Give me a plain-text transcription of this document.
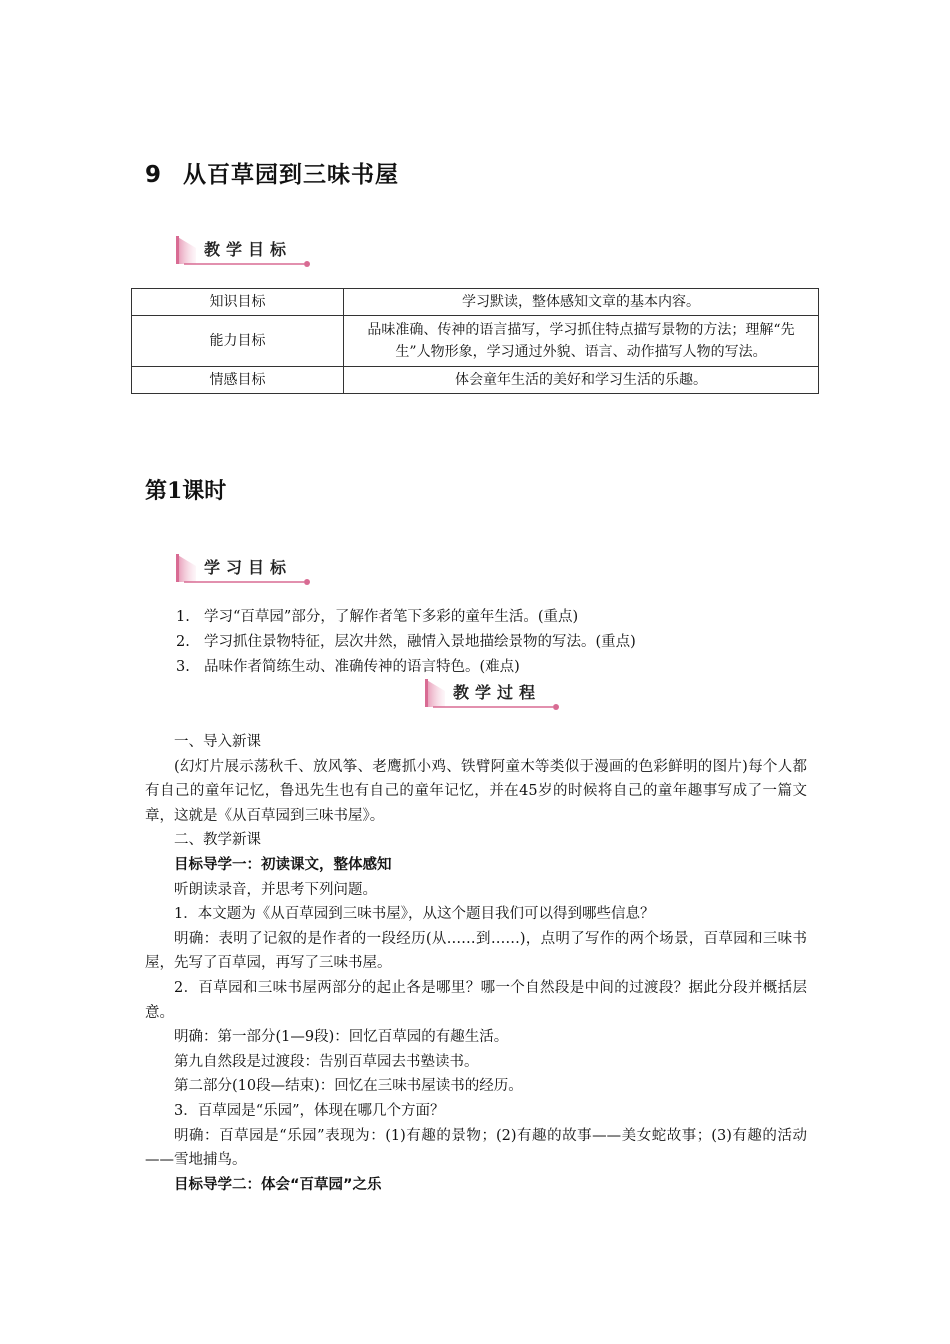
9 从百草园到三味书屋
教学目标
知识目标	学习默读，整体感知文章的基本内容。
能力目标	品味准确、传神的语言描写，学习抓住特点描写景物的方法；理解“先生”人物形象，学习通过外貌、语言、动作描写人物的写法。
情感目标	体会童年生活的美好和学习生活的乐趣。
第1课时
学习目标
1. 学习“百草园”部分，了解作者笔下多彩的童年生活。(重点)
2. 学习抓住景物特征，层次井然，融情入景地描绘景物的写法。(重点)
3. 品味作者简练生动、准确传神的语言特色。(难点)
教学过程

一、导入新课

(幻灯片展示荡秋千、放风筝、老鹰抓小鸡、铁臂阿童木等类似于漫画的色彩鲜明的图片)每个人都有自己的童年记忆，鲁迅先生也有自己的童年记忆，并在45岁的时候将自己的童年趣事写成了一篇文章，这就是《从百草园到三味书屋》。

二、教学新课

目标导学一：初读课文，整体感知

听朗读录音，并思考下列问题。

1．本文题为《从百草园到三味书屋》，从这个题目我们可以得到哪些信息？

明确：表明了记叙的是作者的一段经历(从……到……)，点明了写作的两个场景，百草园和三味书屋，先写了百草园，再写了三味书屋。

2．百草园和三味书屋两部分的起止各是哪里？哪一个自然段是中间的过渡段？据此分段并概括层意。

明确：第一部分(1—9段)：回忆百草园的有趣生活。

第九自然段是过渡段：告别百草园去书塾读书。

第二部分(10段—结束)：回忆在三味书屋读书的经历。

3．百草园是“乐园”，体现在哪几个方面？

明确：百草园是“乐园”表现为：(1)有趣的景物；(2)有趣的故事——美女蛇故事；(3)有趣的活动——雪地捕鸟。

目标导学二：体会“百草园”之乐
